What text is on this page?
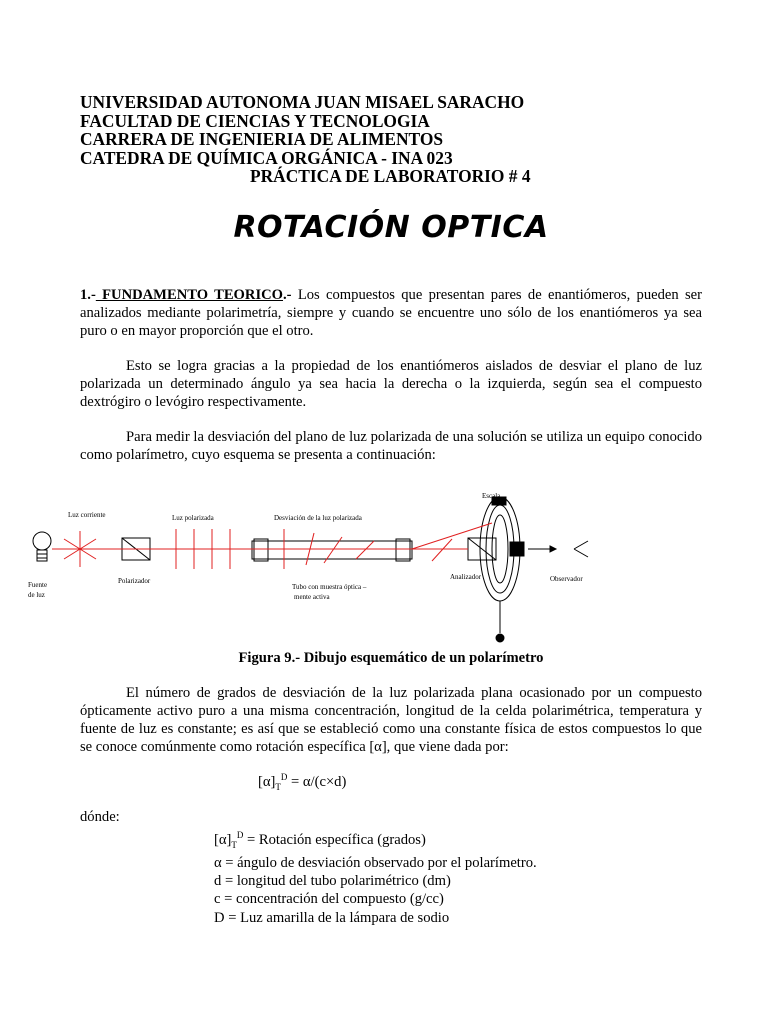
UNIVERSIDAD AUTONOMA JUAN MISAEL SARACHO
FACULTAD DE CIENCIAS Y TECNOLOGIA
CARRERA DE INGENIERIA DE ALIMENTOS
CATEDRA DE QUÍMICA ORGÁNICA - INA 023
PRÁCTICA DE LABORATORIO # 4
ROTACIÓN OPTICA
1.- FUNDAMENTO TEORICO.- Los compuestos que presentan pares de enantiómeros, pueden ser analizados mediante polarimetría, siempre y cuando se encuentre uno sólo de los enantiómeros ya sea puro o en mayor proporción que el otro.
Esto se logra gracias a la propiedad de los enantiómeros aislados de desviar el plano de luz polarizada un determinado ángulo ya sea hacia la derecha o la izquierda, según sea el compuesto dextrógiro o levógiro respectivamente.
Para medir la desviación del plano de luz polarizada de una solución se utiliza un equipo conocido como polarímetro, cuyo esquema se presenta a continuación:
Figura 9.- Dibujo esquemático de un polarímetro
El número de grados de desviación de la luz polarizada plana ocasionado por un compuesto ópticamente activo puro a una misma concentración, longitud de la celda polarimétrica, temperatura y fuente de luz es constante; es así que se estableció como una constante física de estos compuestos lo que se conoce comúnmente como rotación específica [α], que viene dada por:
$[\alpha]_T^D = \alpha/(c\times d)$
dónde:
$[\alpha]_T^D$ = Rotación específica (grados)
α = ángulo de desviación observado por el polarímetro.
d = longitud del tubo polarimétrico (dm)
c = concentración del compuesto (g/cc)
D = Luz amarilla de la lámpara de sodio
Escala
Luz corriente	Luz polarizada	Desviación de la luz polarizada
Fuente
de luz
Polarizador
Tubo con muestra óptica –
mente activa
Analizador	Observador
